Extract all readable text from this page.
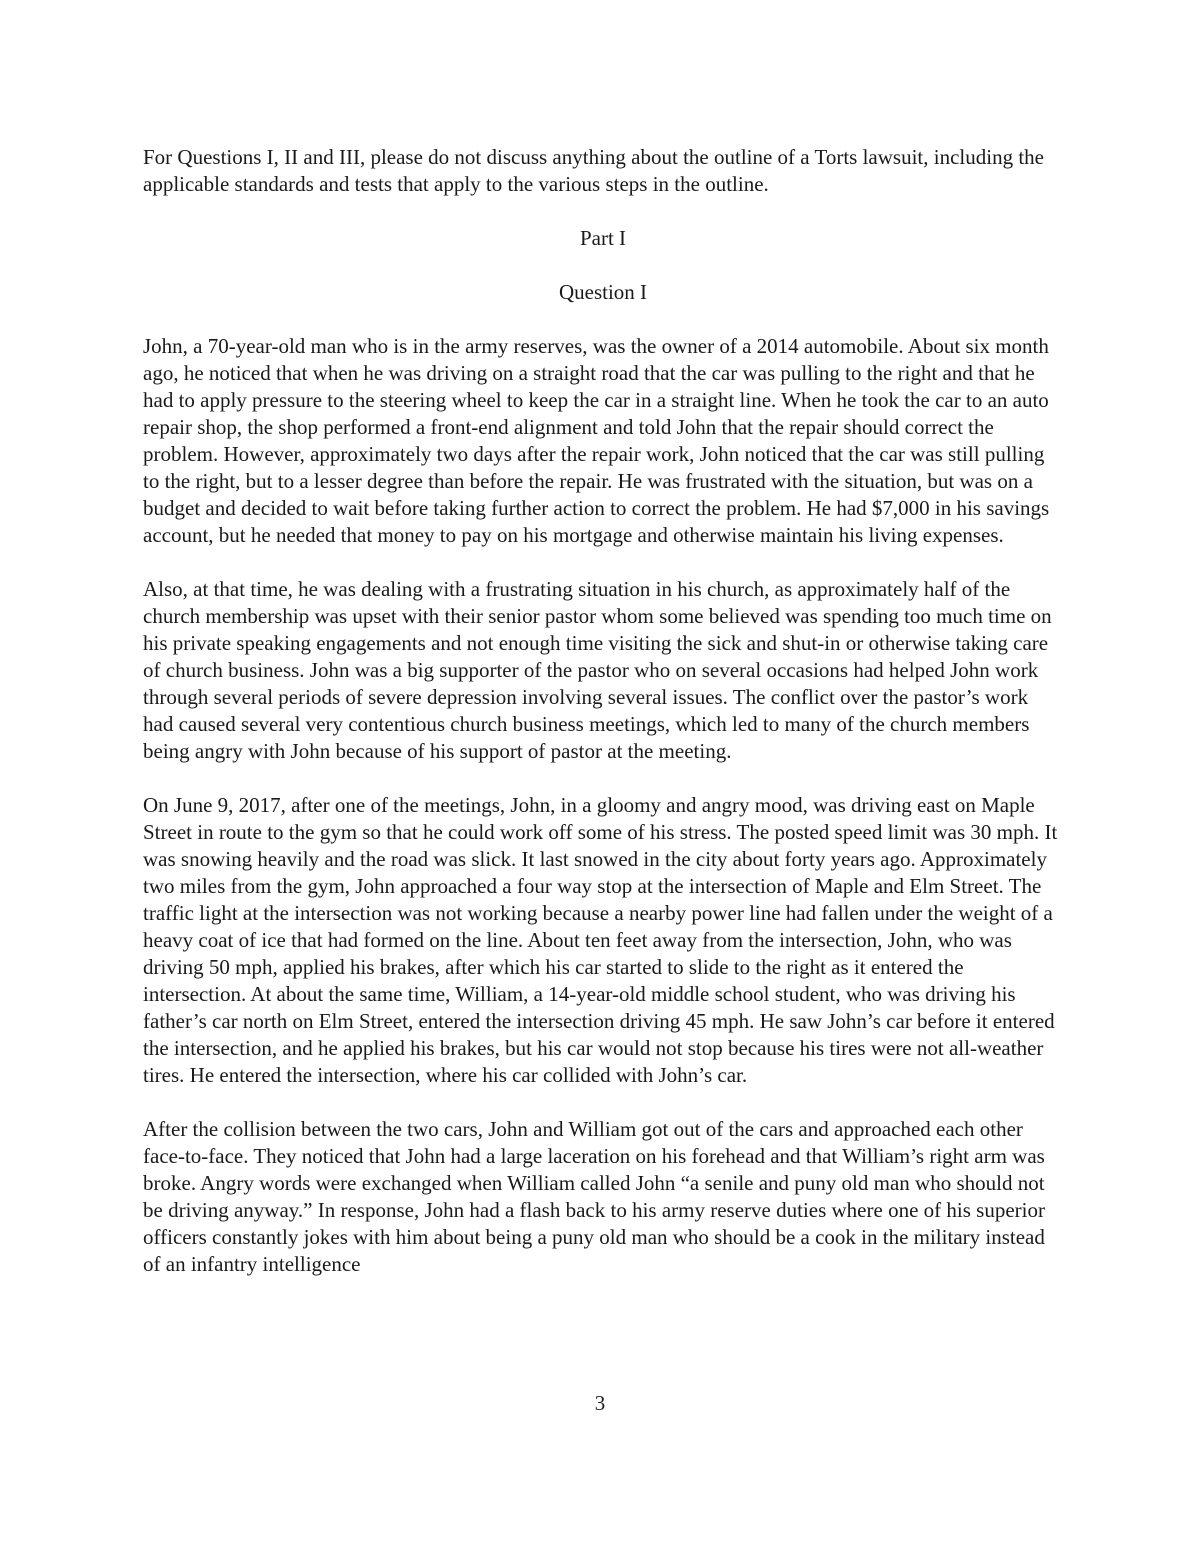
For Questions I, II and III, please do not discuss anything about the outline of a Torts lawsuit, including the applicable standards and tests that apply to the various steps in the outline.

Part I

Question I

John, a 70-year-old man who is in the army reserves, was the owner of a 2014 automobile. About six month ago, he noticed that when he was driving on a straight road that the car was pulling to the right and that he had to apply pressure to the steering wheel to keep the car in a straight line. When he took the car to an auto repair shop, the shop performed a front-end alignment and told John that the repair should correct the problem. However, approximately two days after the repair work, John noticed that the car was still pulling to the right, but to a lesser degree than before the repair. He was frustrated with the situation, but was on a budget and decided to wait before taking further action to correct the problem. He had $7,000 in his savings account, but he needed that money to pay on his mortgage and otherwise maintain his living expenses.

Also, at that time, he was dealing with a frustrating situation in his church, as approximately half of the church membership was upset with their senior pastor whom some believed was spending too much time on his private speaking engagements and not enough time visiting the sick and shut-in or otherwise taking care of church business. John was a big supporter of the pastor who on several occasions had helped John work through several periods of severe depression involving several issues. The conflict over the pastor’s work had caused several very contentious church business meetings, which led to many of the church members being angry with John because of his support of pastor at the meeting.

On June 9, 2017, after one of the meetings, John, in a gloomy and angry mood, was driving east on Maple Street in route to the gym so that he could work off some of his stress. The posted speed limit was 30 mph. It was snowing heavily and the road was slick. It last snowed in the city about forty years ago. Approximately two miles from the gym, John approached a four way stop at the intersection of Maple and Elm Street. The traffic light at the intersection was not working because a nearby power line had fallen under the weight of a heavy coat of ice that had formed on the line. About ten feet away from the intersection, John, who was driving 50 mph, applied his brakes, after which his car started to slide to the right as it entered the intersection. At about the same time, William, a 14-year-old middle school student, who was driving his father’s car north on Elm Street, entered the intersection driving 45 mph. He saw John’s car before it entered the intersection, and he applied his brakes, but his car would not stop because his tires were not all-weather tires. He entered the intersection, where his car collided with John’s car.

After the collision between the two cars, John and William got out of the cars and approached each other face-to-face. They noticed that John had a large laceration on his forehead and that William’s right arm was broke. Angry words were exchanged when William called John “a senile and puny old man who should not be driving anyway.” In response, John had a flash back to his army reserve duties where one of his superior officers constantly jokes with him about being a puny old man who should be a cook in the military instead of an infantry intelligence

3
